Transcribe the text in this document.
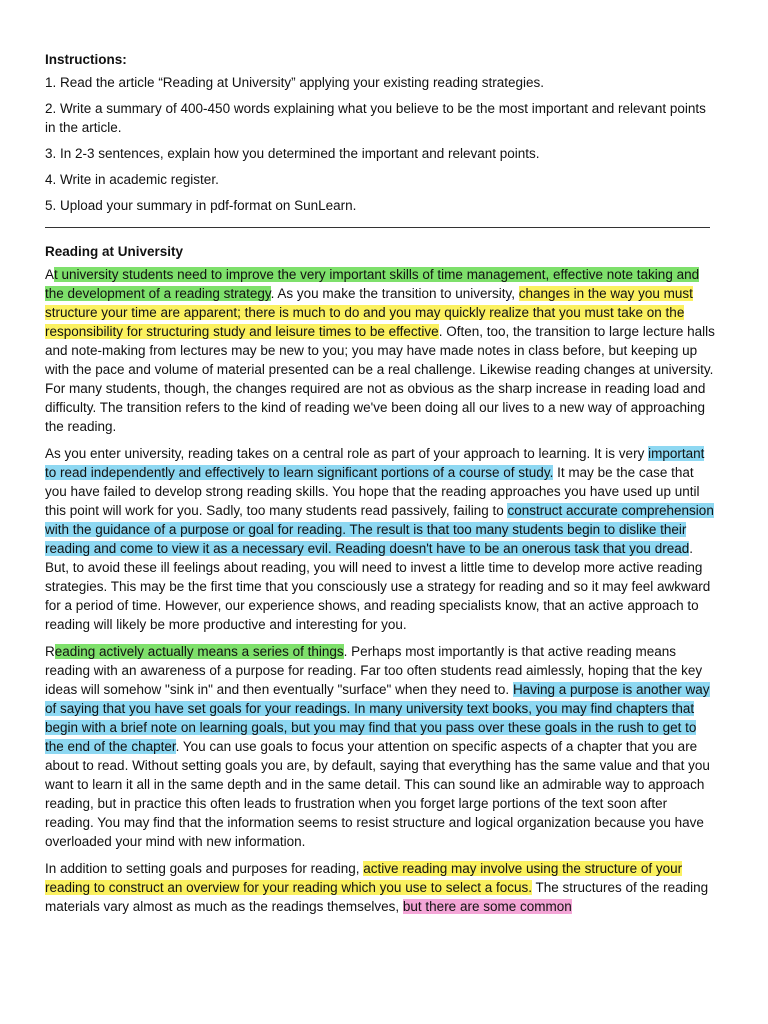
Instructions:

1. Read the article “Reading at University” applying your existing reading strategies.

2. Write a summary of 400-450 words explaining what you believe to be the most important and relevant points in the article.

3. In 2-3 sentences, explain how you determined the important and relevant points.

4. Write in academic register.

5. Upload your summary in pdf-format on SunLearn.

Reading at University

At university students need to improve the very important skills of time management, effective note taking and the development of a reading strategy. As you make the transition to university, changes in the way you must structure your time are apparent; there is much to do and you may quickly realize that you must take on the responsibility for structuring study and leisure times to be effective. Often, too, the transition to large lecture halls and note-making from lectures may be new to you; you may have made notes in class before, but keeping up with the pace and volume of material presented can be a real challenge. Likewise reading changes at university. For many students, though, the changes required are not as obvious as the sharp increase in reading load and difficulty. The transition refers to the kind of reading we've been doing all our lives to a new way of approaching the reading.

As you enter university, reading takes on a central role as part of your approach to learning. It is very important to read independently and effectively to learn significant portions of a course of study. It may be the case that you have failed to develop strong reading skills. You hope that the reading approaches you have used up until this point will work for you. Sadly, too many students read passively, failing to construct accurate comprehension with the guidance of a purpose or goal for reading. The result is that too many students begin to dislike their reading and come to view it as a necessary evil. Reading doesn't have to be an onerous task that you dread. But, to avoid these ill feelings about reading, you will need to invest a little time to develop more active reading strategies. This may be the first time that you consciously use a strategy for reading and so it may feel awkward for a period of time. However, our experience shows, and reading specialists know, that an active approach to reading will likely be more productive and interesting for you.

Reading actively actually means a series of things. Perhaps most importantly is that active reading means reading with an awareness of a purpose for reading. Far too often students read aimlessly, hoping that the key ideas will somehow "sink in" and then eventually "surface" when they need to. Having a purpose is another way of saying that you have set goals for your readings. In many university text books, you may find chapters that begin with a brief note on learning goals, but you may find that you pass over these goals in the rush to get to the end of the chapter. You can use goals to focus your attention on specific aspects of a chapter that you are about to read. Without setting goals you are, by default, saying that everything has the same value and that you want to learn it all in the same depth and in the same detail. This can sound like an admirable way to approach reading, but in practice this often leads to frustration when you forget large portions of the text soon after reading. You may find that the information seems to resist structure and logical organization because you have overloaded your mind with new information.

In addition to setting goals and purposes for reading, active reading may involve using the structure of your reading to construct an overview for your reading which you use to select a focus. The structures of the reading materials vary almost as much as the readings themselves, but there are some common
